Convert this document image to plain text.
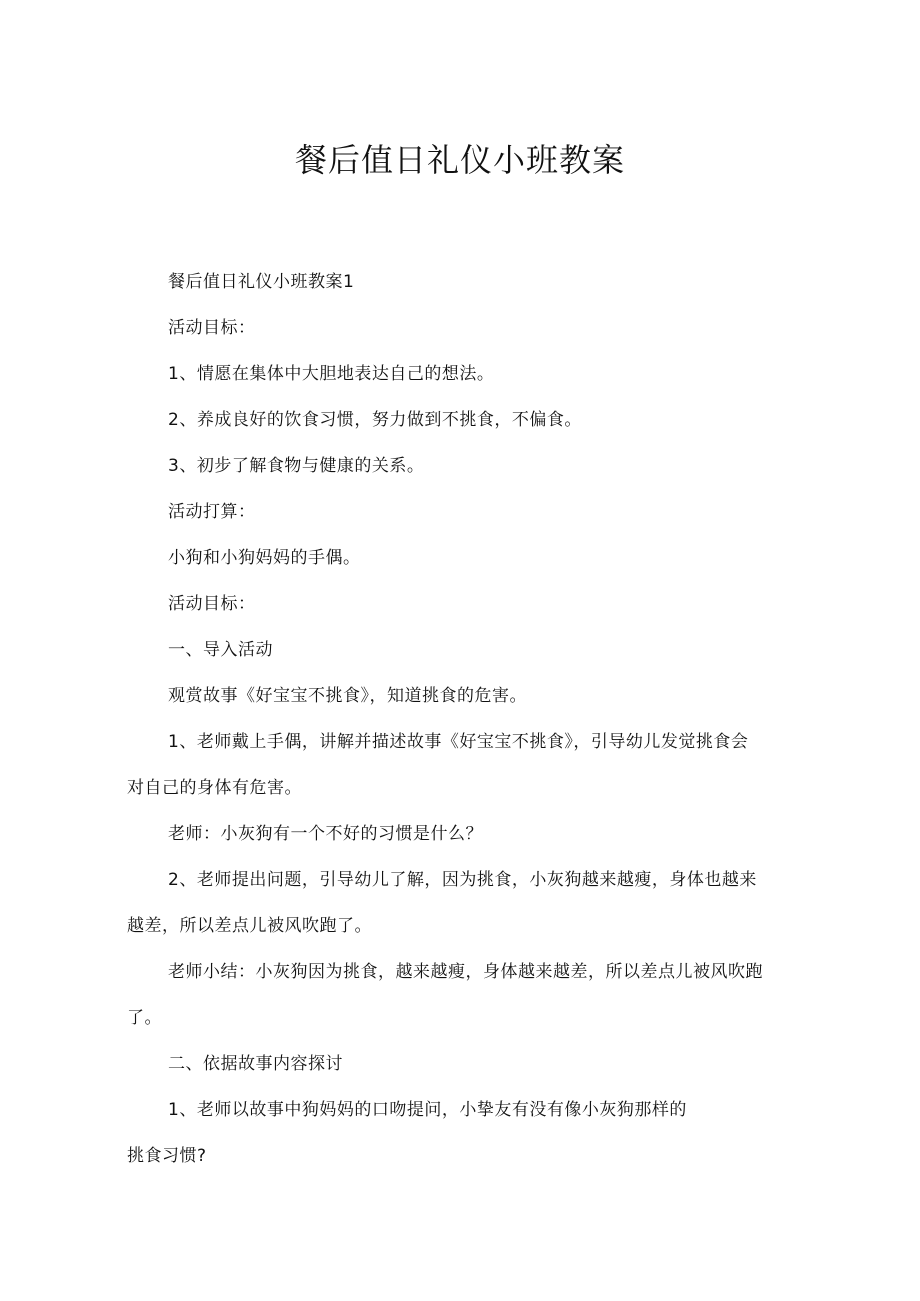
餐后值日礼仪小班教案

餐后值日礼仪小班教案1

活动目标：

1、情愿在集体中大胆地表达自己的想法。

2、养成良好的饮食习惯，努力做到不挑食，不偏食。

3、初步了解食物与健康的关系。

活动打算：

小狗和小狗妈妈的手偶。

活动目标：

一、导入活动

观赏故事《好宝宝不挑食》，知道挑食的危害。

1、老师戴上手偶，讲解并描述故事《好宝宝不挑食》，引导幼儿发觉挑食会

对自己的身体有危害。

老师：小灰狗有一个不好的习惯是什么？

2、老师提出问题，引导幼儿了解，因为挑食，小灰狗越来越瘦，身体也越来

越差，所以差点儿被风吹跑了。

老师小结：小灰狗因为挑食，越来越瘦，身体越来越差，所以差点儿被风吹跑

了。

二、依据故事内容探讨

1、老师以故事中狗妈妈的口吻提问，小挚友有没有像小灰狗那样的

挑食习惯?
